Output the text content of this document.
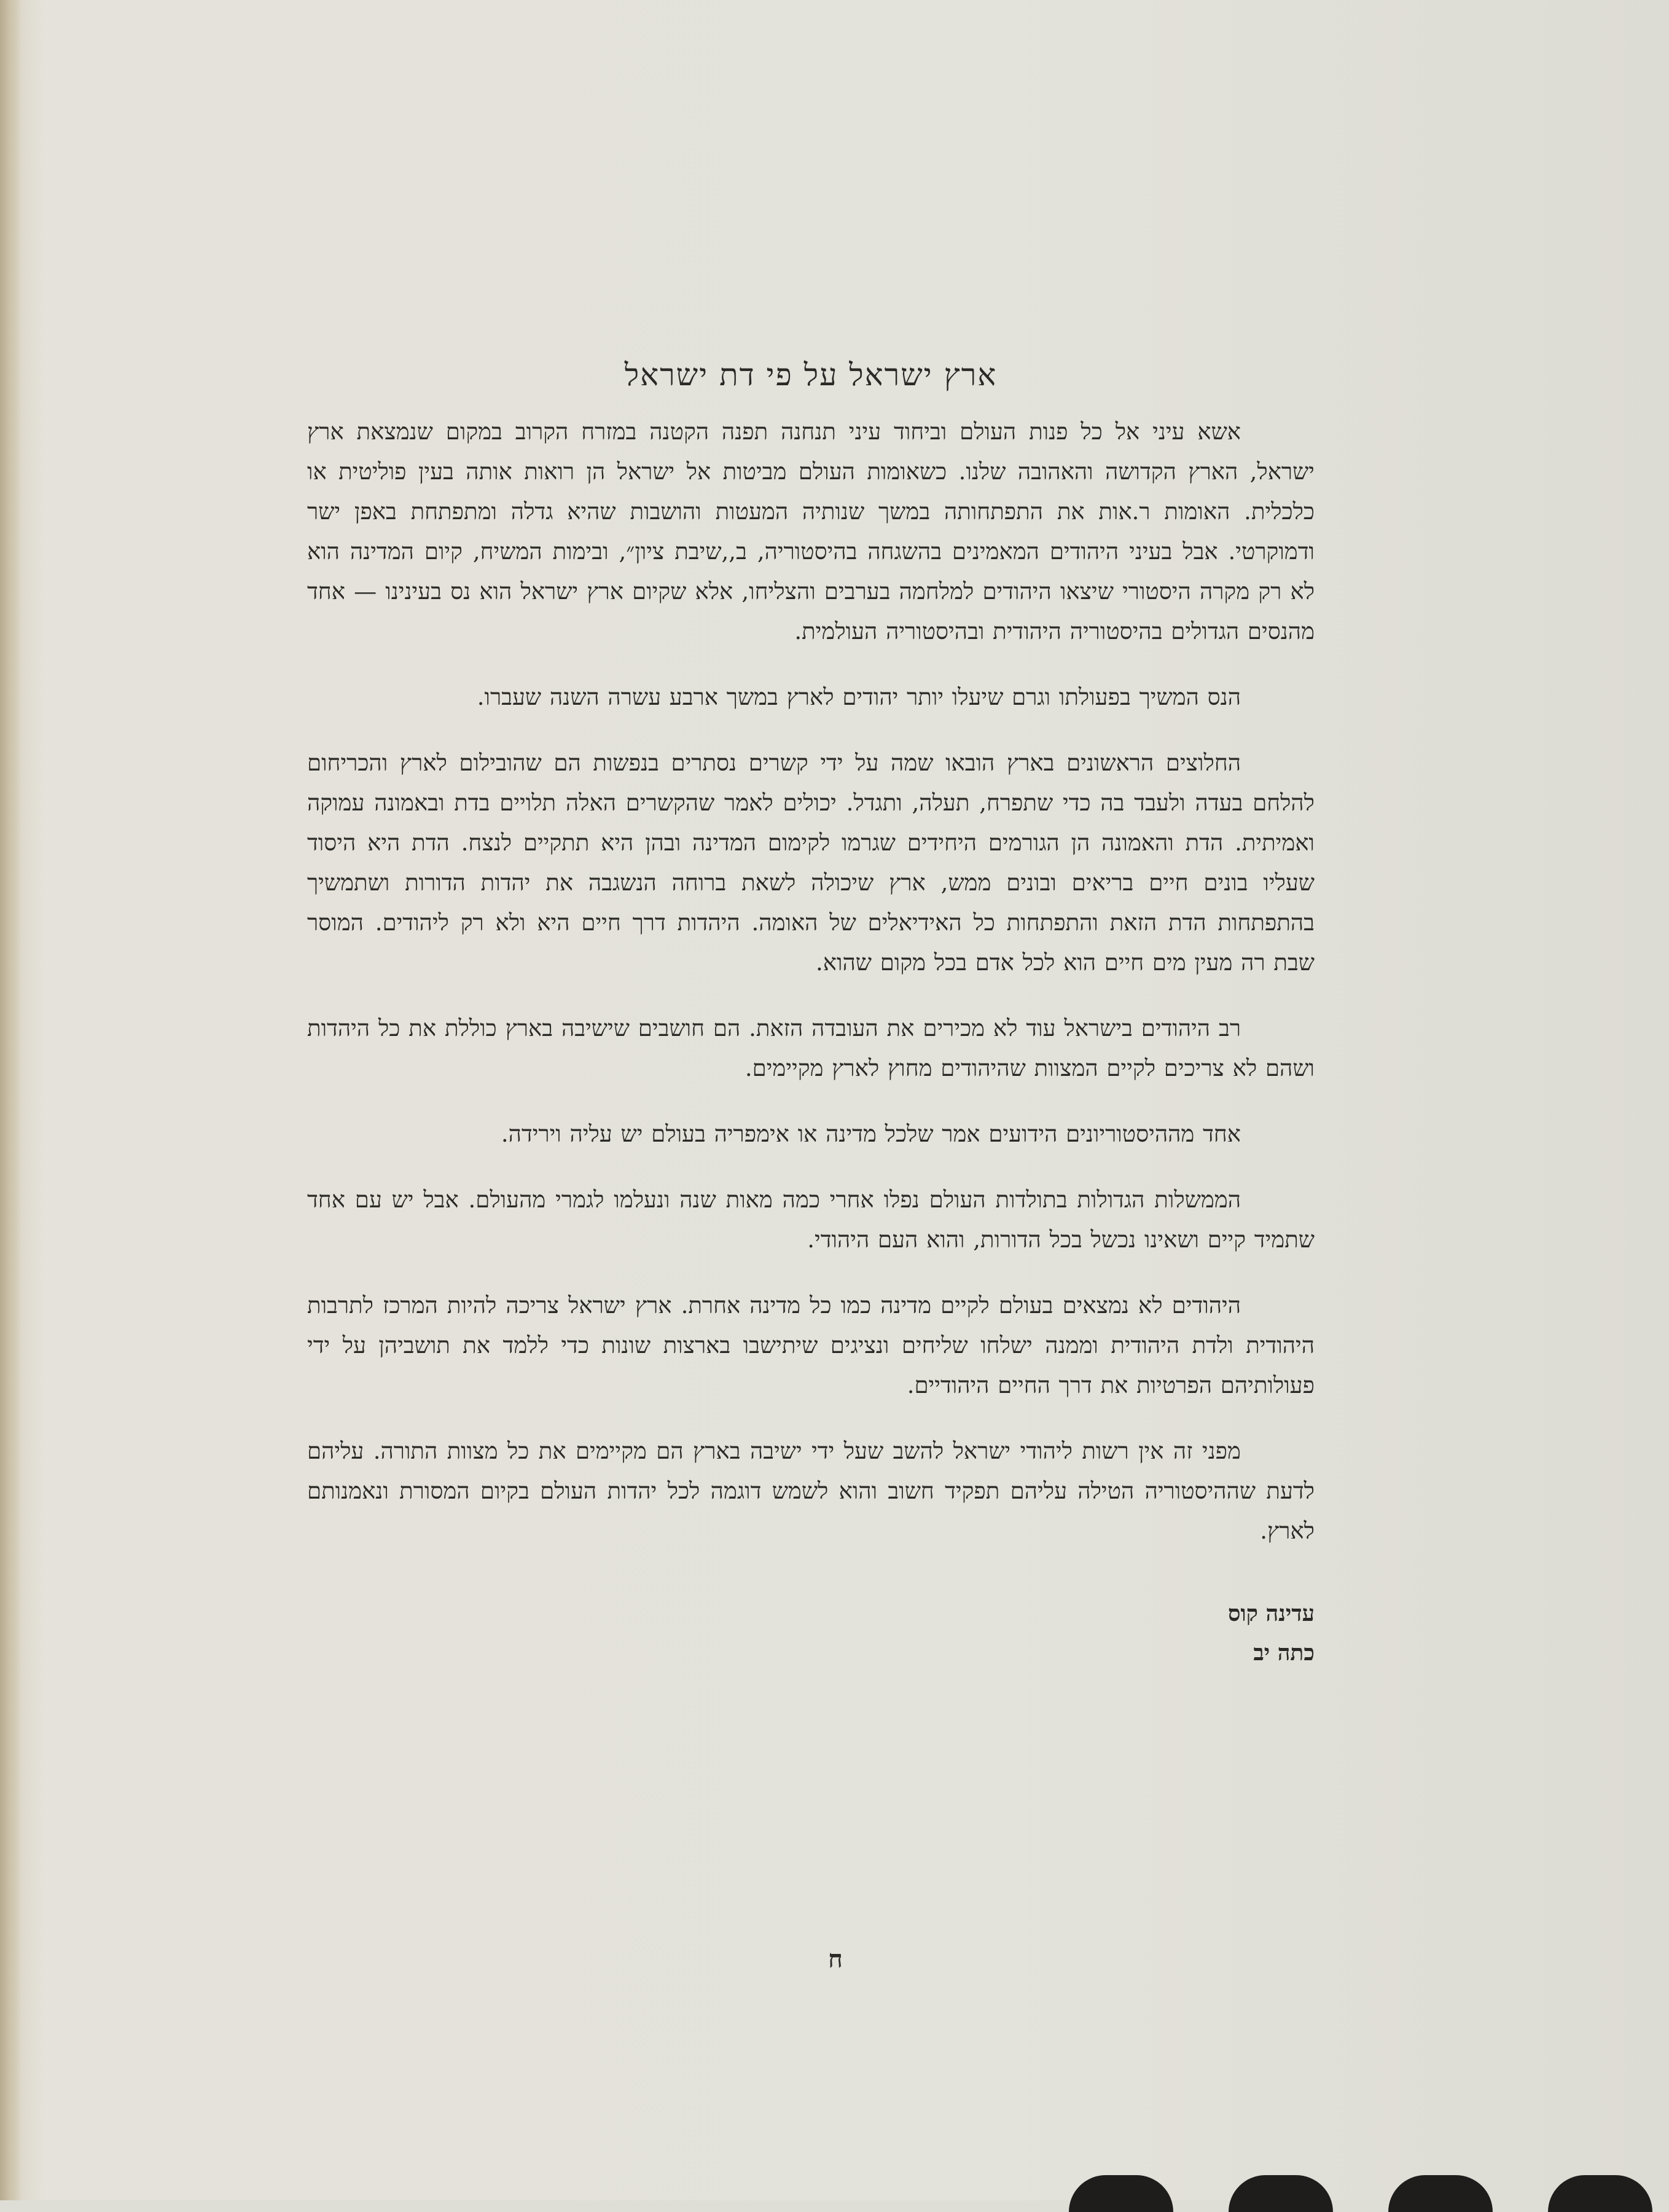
ארץ ישראל על פי דת ישראל

אשא עיני אל כל פנות העולם וביחוד עיני תנחנה תפנה הקטנה במזרח הקרוב במקום שנמצאת ארץ ישראל, הארץ הקדושה והאהובה שלנו. כשאומות העולם מביטות אל ישראל הן רואות אותה בעין פוליטית או כלכלית. האומות ר.אות את התפתחותה במשך שנותיה המעטות והושבות שהיא גדלה ומתפתחת באפן ישר ודמוקרטי. אבל בעיני היהודים המאמינים בהשגחה בהיסטוריה, ב,,שיבת ציון״, ובימות המשיח, קיום המדינה הוא לא רק מקרה היסטורי שיצאו היהודים למלחמה בערבים והצליחו, אלא שקיום ארץ ישראל הוא נס בעינינו — אחד מהנסים הגדולים בהיסטוריה היהודית ובהיסטוריה העולמית.

הנס המשיך בפעולתו וגרם שיעלו יותר יהודים לארץ במשך ארבע עשרה השנה שעברו.

החלוצים הראשונים בארץ הובאו שמה על ידי קשרים נסתרים בנפשות הם שהובילום לארץ והכריחום להלחם בעדה ולעבד בה כדי שתפרח, תעלה, ותגדל. יכולים לאמר שהקשרים האלה תלויים בדת ובאמונה עמוקה ואמיתית. הדת והאמונה הן הגורמים היחידים שגרמו לקימום המדינה ובהן היא תתקיים לנצח. הדת היא היסוד שעליו בונים חיים בריאים ובונים ממש, ארץ שיכולה לשאת ברוחה הנשגבה את יהדות הדורות ושתמשיך בהתפתחות הדת הזאת והתפתחות כל האידיאלים של האומה. היהדות דרך חיים היא ולא רק ליהודים. המוסר שבת רה מעין מים חיים הוא לכל אדם בכל מקום שהוא.

רב היהודים בישראל עוד לא מכירים את העובדה הזאת. הם חושבים שישיבה בארץ כוללת את כל היהדות ושהם לא צריכים לקיים המצוות שהיהודים מחוץ לארץ מקיימים.

אחד מההיסטוריונים הידועים אמר שלכל מדינה או אימפריה בעולם יש עליה וירידה.

הממשלות הגדולות בתולדות העולם נפלו אחרי כמה מאות שנה ונעלמו לגמרי מהעולם. אבל יש עם אחד שתמיד קיים ושאינו נכשל בכל הדורות, והוא העם היהודי.

היהודים לא נמצאים בעולם לקיים מדינה כמו כל מדינה אחרת. ארץ ישראל צריכה להיות המרכז לתרבות היהודית ולדת היהודית וממנה ישלחו שליחים ונציגים שיתישבו בארצות שונות כדי ללמד את תושביהן על ידי פעולותיהם הפרטיות את דרך החיים היהודיים.

מפני זה אין רשות ליהודי ישראל להשב שעל ידי ישיבה בארץ הם מקיימים את כל מצוות התורה. עליהם לדעת שההיסטוריה הטילה עליהם תפקיד חשוב והוא לשמש דוגמה לכל יהדות העולם בקיום המסורת ונאמנותם לארץ.

עדינה קוס
כתה יב
ח
